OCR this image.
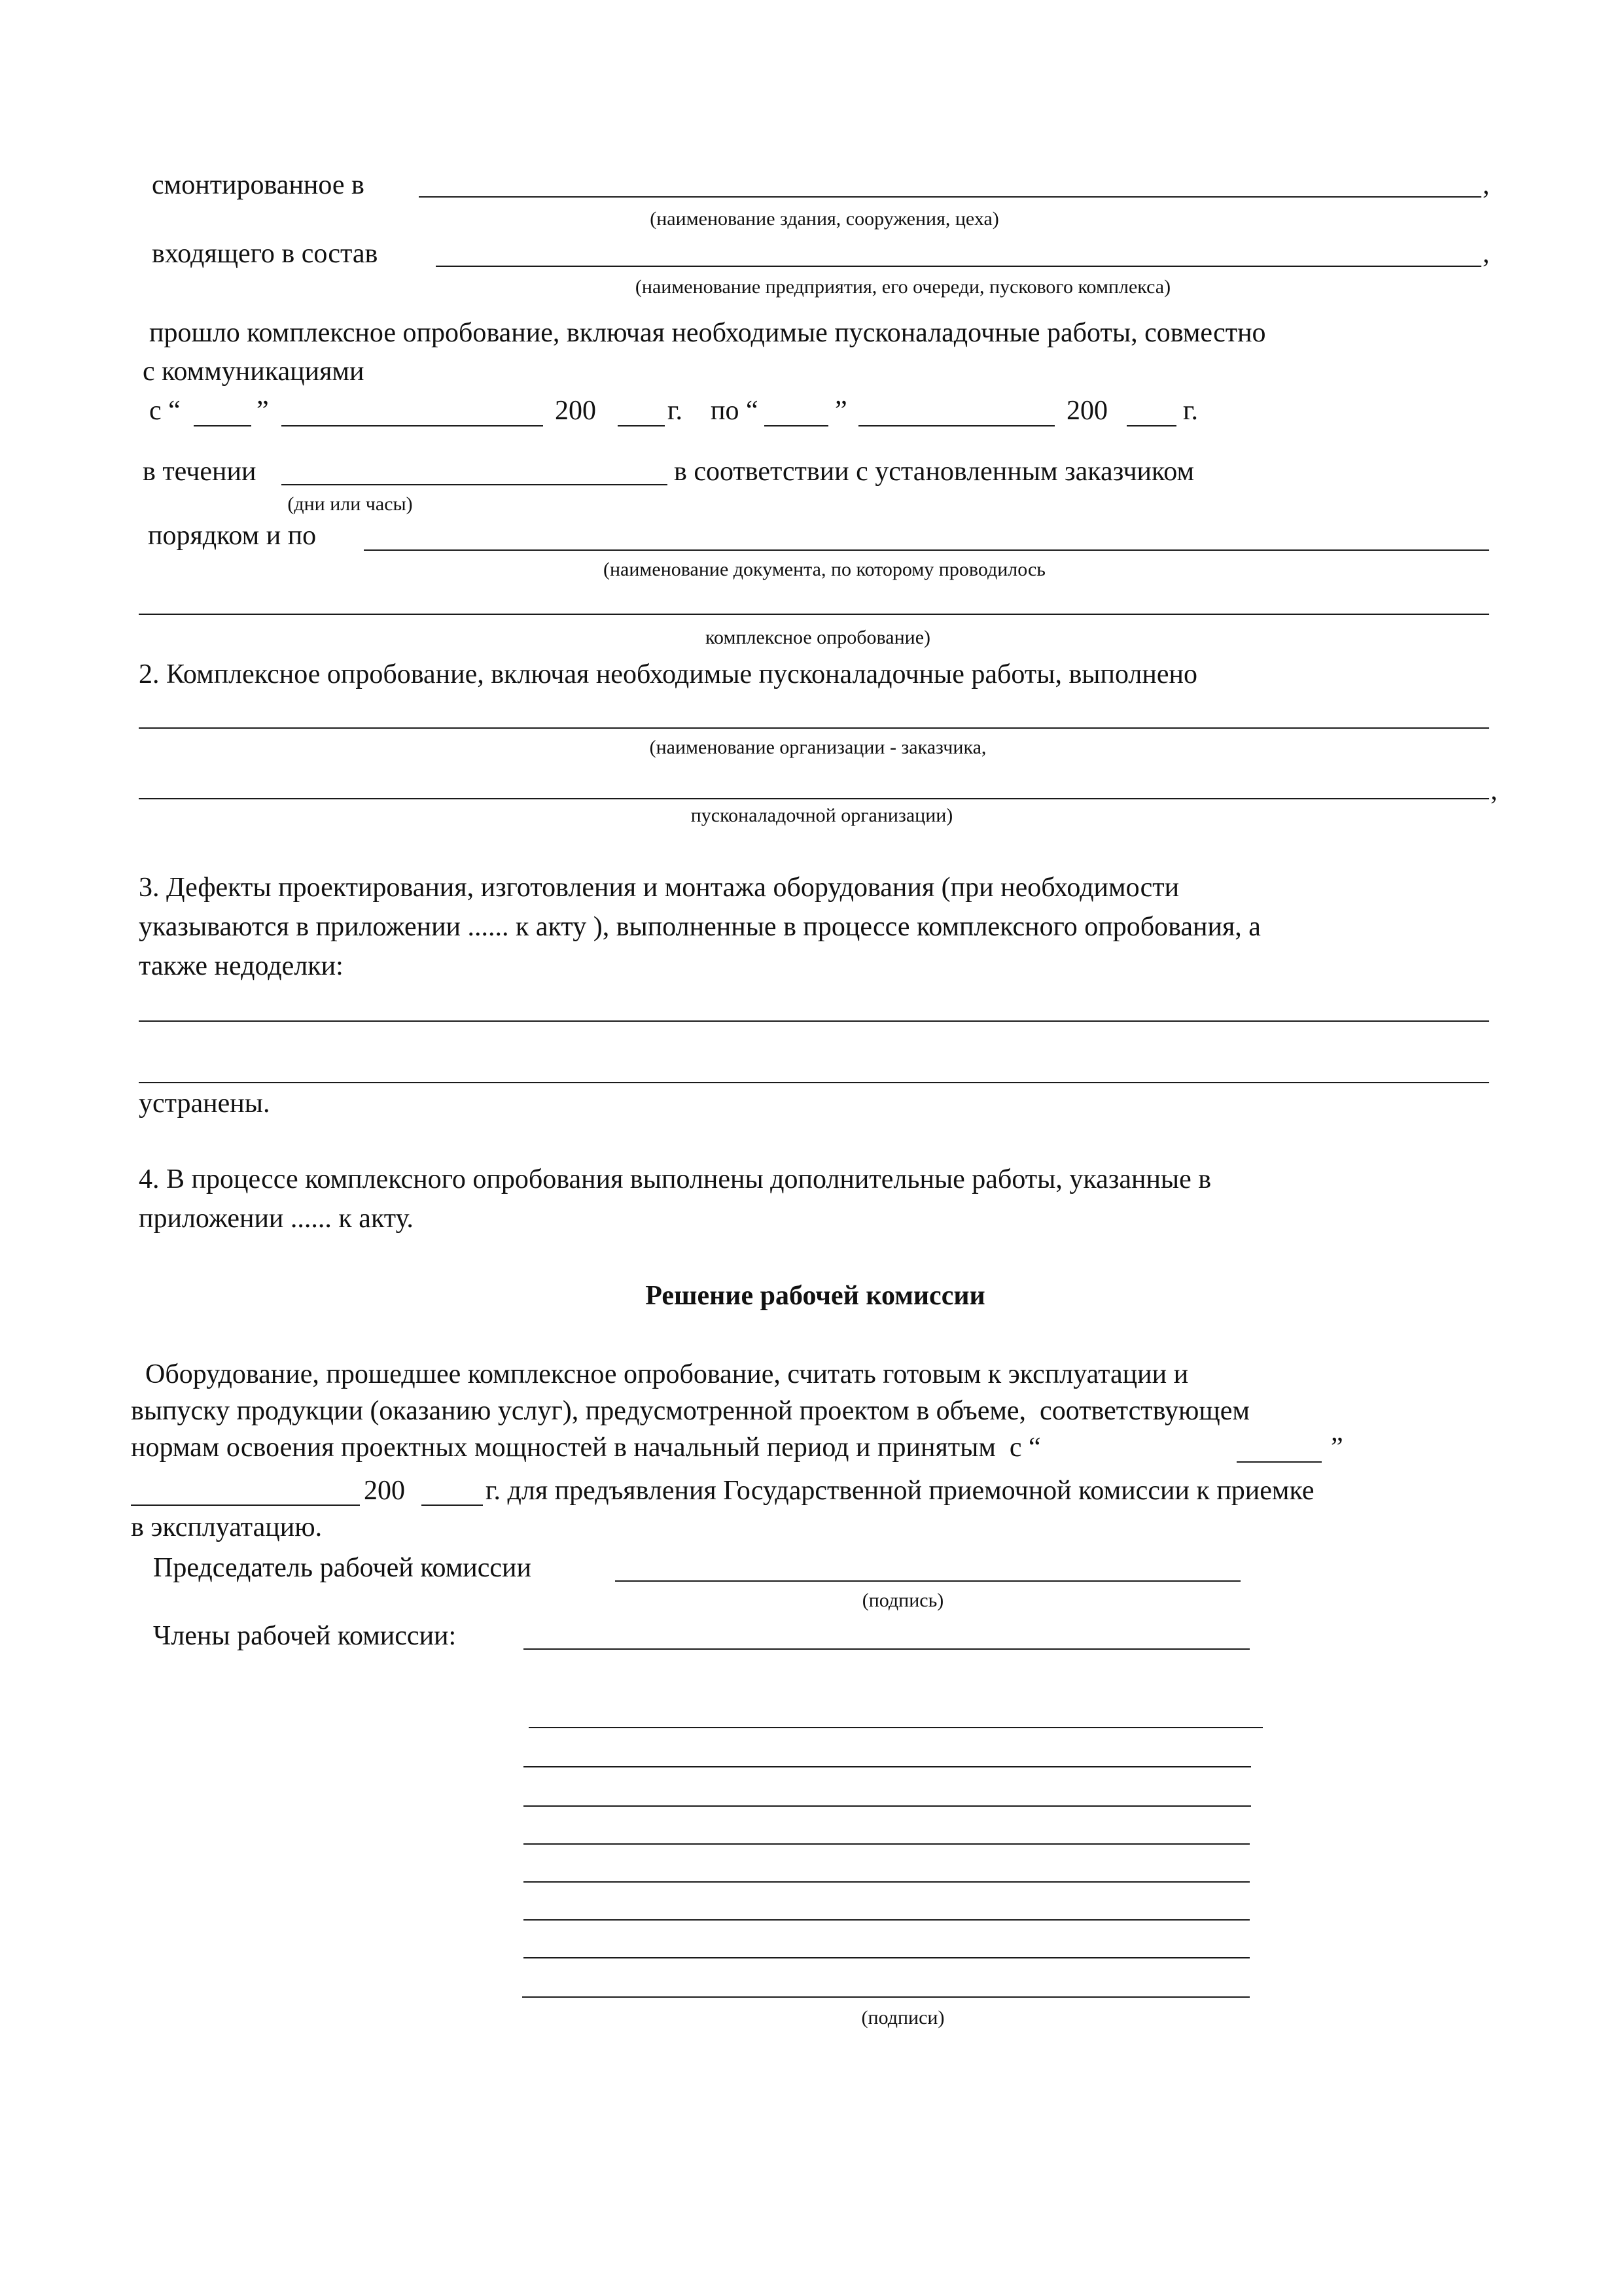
смонтированное в	,
(наименование здания, сооружения, цеха)
входящего в состав	,
(наименование предприятия, его очереди, пускового комплекса)
прошло комплексное опробование, включая необходимые пусконаладочные работы, совместно
с коммуникациями
с “	”	200	г. по “	”	200	г.
в течении	в соответствии с установленным заказчиком
(дни или часы)
порядком и по
(наименование документа, по которому проводилось
комплексное опробование)
2. Комплексное опробование, включая необходимые пусконаладочные работы, выполнено
(наименование организации - заказчика,
,
пусконаладочной организации)
3. Дефекты проектирования, изготовления и монтажа оборудования (при необходимости
указываются в приложении ...... к акту ), выполненные в процессе комплексного опробования, а
также недоделки:
устранены.
4. В процессе комплексного опробования выполнены дополнительные работы, указанные в
приложении ...... к акту.
Решение рабочей комиссии
Оборудование, прошедшее комплексное опробование, считать готовым к эксплуатации и
выпуску продукции (оказанию услуг), предусмотренной проектом в объеме,  соответствующем
нормам освоения проектных мощностей в начальный период и принятым  с “	”
200	г. для предъявления Государственной приемочной комиссии к приемке
в эксплуатацию.
Председатель рабочей комиссии
(подпись)
Члены рабочей комиссии:
(подписи)
